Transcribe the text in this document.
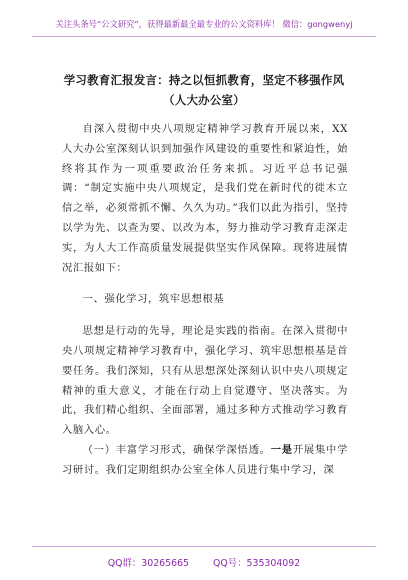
关注头条号“公文研究”，获得最新最全最专业的公文资料库！ 微信：gongwenyj
学习教育汇报发言：持之以恒抓教育，坚定不移强作风
（人大办公室）

自深入贯彻中央八项规定精神学习教育开展以来，XX人大办公室深刻认识到加强作风建设的重要性和紧迫性，始终将其作为一项重要政治任务来抓。习近平总书记强调：“制定实施中央八项规定，是我们党在新时代的徙木立信之举，必须常抓不懈、久久为功。”我们以此为指引，坚持以学为先、以查为要、以改为本，努力推动学习教育走深走实，为人大工作高质量发展提供坚实作风保障。现将进展情况汇报如下：

一、强化学习，筑牢思想根基

思想是行动的先导，理论是实践的指南。在深入贯彻中央八项规定精神学习教育中，强化学习、筑牢思想根基是首要任务。我们深知，只有从思想深处深刻认识中央八项规定精神的重大意义，才能在行动上自觉遵守、坚决落实。为此，我们精心组织、全面部署，通过多种方式推动学习教育入脑入心。

（一）丰富学习形式，确保学深悟透。一是开展集中学习研讨。我们定期组织办公室全体人员进行集中学习，深

QQ群：30265665	QQ号：535304092
